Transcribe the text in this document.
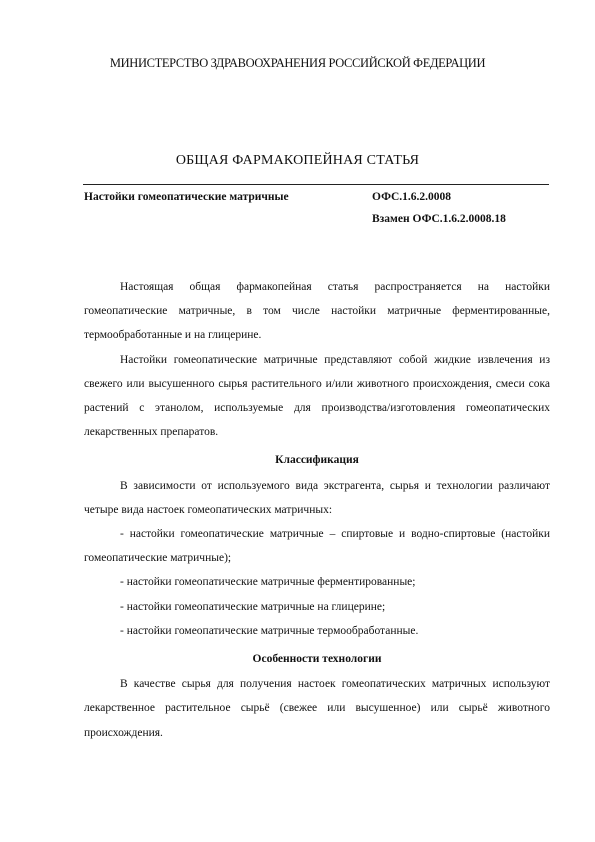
МИНИСТЕРСТВО ЗДРАВООХРАНЕНИЯ РОССИЙСКОЙ ФЕДЕРАЦИИ
ОБЩАЯ ФАРМАКОПЕЙНАЯ СТАТЬЯ
Настойки гомеопатические матричные	ОФС.1.6.2.0008
Взамен ОФС.1.6.2.0008.18

Настоящая общая фармакопейная статья распространяется на настойки гомеопатические матричные, в том числе настойки матричные ферментированные, термообработанные и на глицерине.

Настойки гомеопатические матричные представляют собой жидкие извлечения из свежего или высушенного сырья растительного и/или животного происхождения, смеси сока растений с этанолом, используемые для производства/изготовления гомеопатических лекарственных препаратов.

Классификация

В зависимости от используемого вида экстрагента, сырья и технологии различают четыре вида настоек гомеопатических матричных:

- настойки гомеопатические матричные – спиртовые и водно-спиртовые (настойки гомеопатические матричные);

- настойки гомеопатические матричные ферментированные;

- настойки гомеопатические матричные на глицерине;

- настойки гомеопатические матричные термообработанные.

Особенности технологии

В качестве сырья для получения настоек гомеопатических матричных используют лекарственное растительное сырьё (свежее или высушенное) или сырьё животного происхождения.
